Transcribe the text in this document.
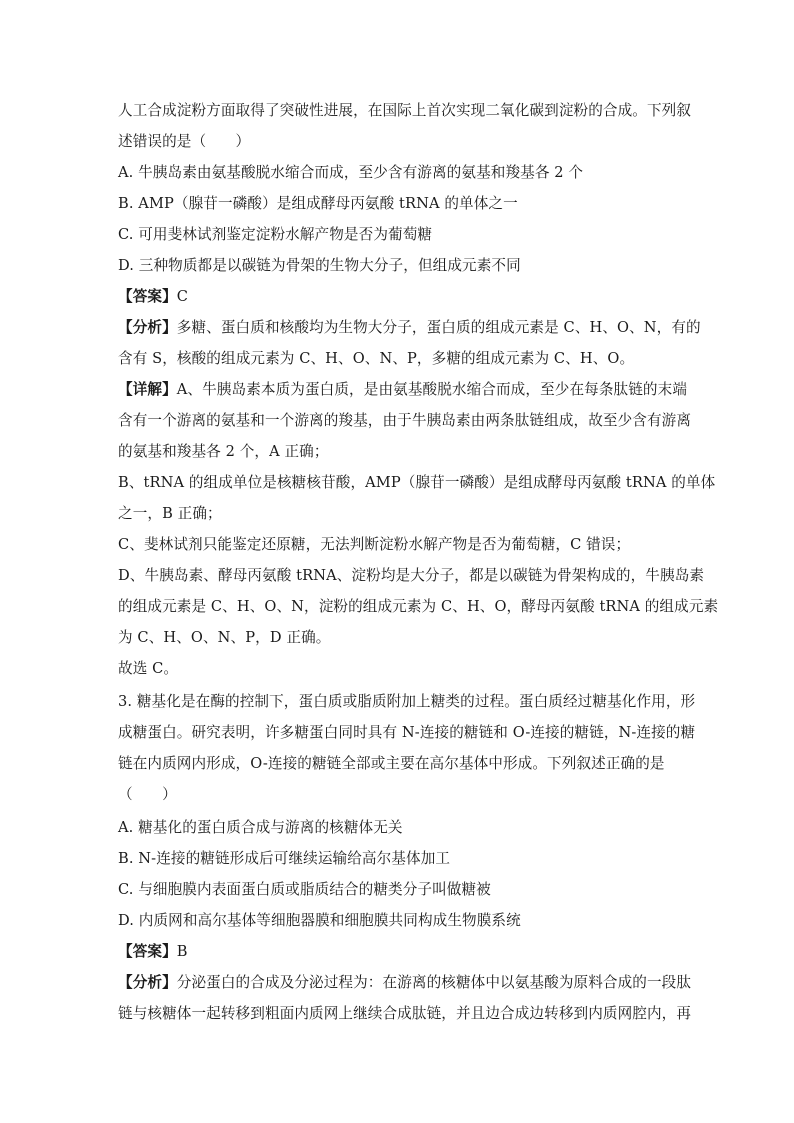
人工合成淀粉方面取得了突破性进展，在国际上首次实现二氧化碳到淀粉的合成。下列叙
述错误的是（　　）
A. 牛胰岛素由氨基酸脱水缩合而成，至少含有游离的氨基和羧基各 2 个
B. AMP（腺苷一磷酸）是组成酵母丙氨酸 tRNA 的单体之一
C. 可用斐林试剂鉴定淀粉水解产物是否为葡萄糖
D. 三种物质都是以碳链为骨架的生物大分子，但组成元素不同
【答案】C
【分析】多糖、蛋白质和核酸均为生物大分子，蛋白质的组成元素是 C、H、O、N，有的
含有 S，核酸的组成元素为 C、H、O、N、P，多糖的组成元素为 C、H、O。
【详解】A、牛胰岛素本质为蛋白质，是由氨基酸脱水缩合而成，至少在每条肽链的末端
含有一个游离的氨基和一个游离的羧基，由于牛胰岛素由两条肽链组成，故至少含有游离
的氨基和羧基各 2 个，A 正确；
B、tRNA 的组成单位是核糖核苷酸，AMP（腺苷一磷酸）是组成酵母丙氨酸 tRNA 的单体
之一，B 正确；
C、斐林试剂只能鉴定还原糖，无法判断淀粉水解产物是否为葡萄糖，C 错误；
D、牛胰岛素、酵母丙氨酸 tRNA、淀粉均是大分子，都是以碳链为骨架构成的，牛胰岛素
的组成元素是 C、H、O、N，淀粉的组成元素为 C、H、O，酵母丙氨酸 tRNA 的组成元素
为 C、H、O、N、P，D 正确。
故选 C。
3. 糖基化是在酶的控制下，蛋白质或脂质附加上糖类的过程。蛋白质经过糖基化作用，形
成糖蛋白。研究表明，许多糖蛋白同时具有 N-连接的糖链和 O-连接的糖链，N-连接的糖
链在内质网内形成，O-连接的糖链全部或主要在高尔基体中形成。下列叙述正确的是
（　　）
A. 糖基化的蛋白质合成与游离的核糖体无关
B. N-连接的糖链形成后可继续运输给高尔基体加工
C. 与细胞膜内表面蛋白质或脂质结合的糖类分子叫做糖被
D. 内质网和高尔基体等细胞器膜和细胞膜共同构成生物膜系统
【答案】B
【分析】分泌蛋白的合成及分泌过程为：在游离的核糖体中以氨基酸为原料合成的一段肽
链与核糖体一起转移到粗面内质网上继续合成肽链，并且边合成边转移到内质网腔内，再
